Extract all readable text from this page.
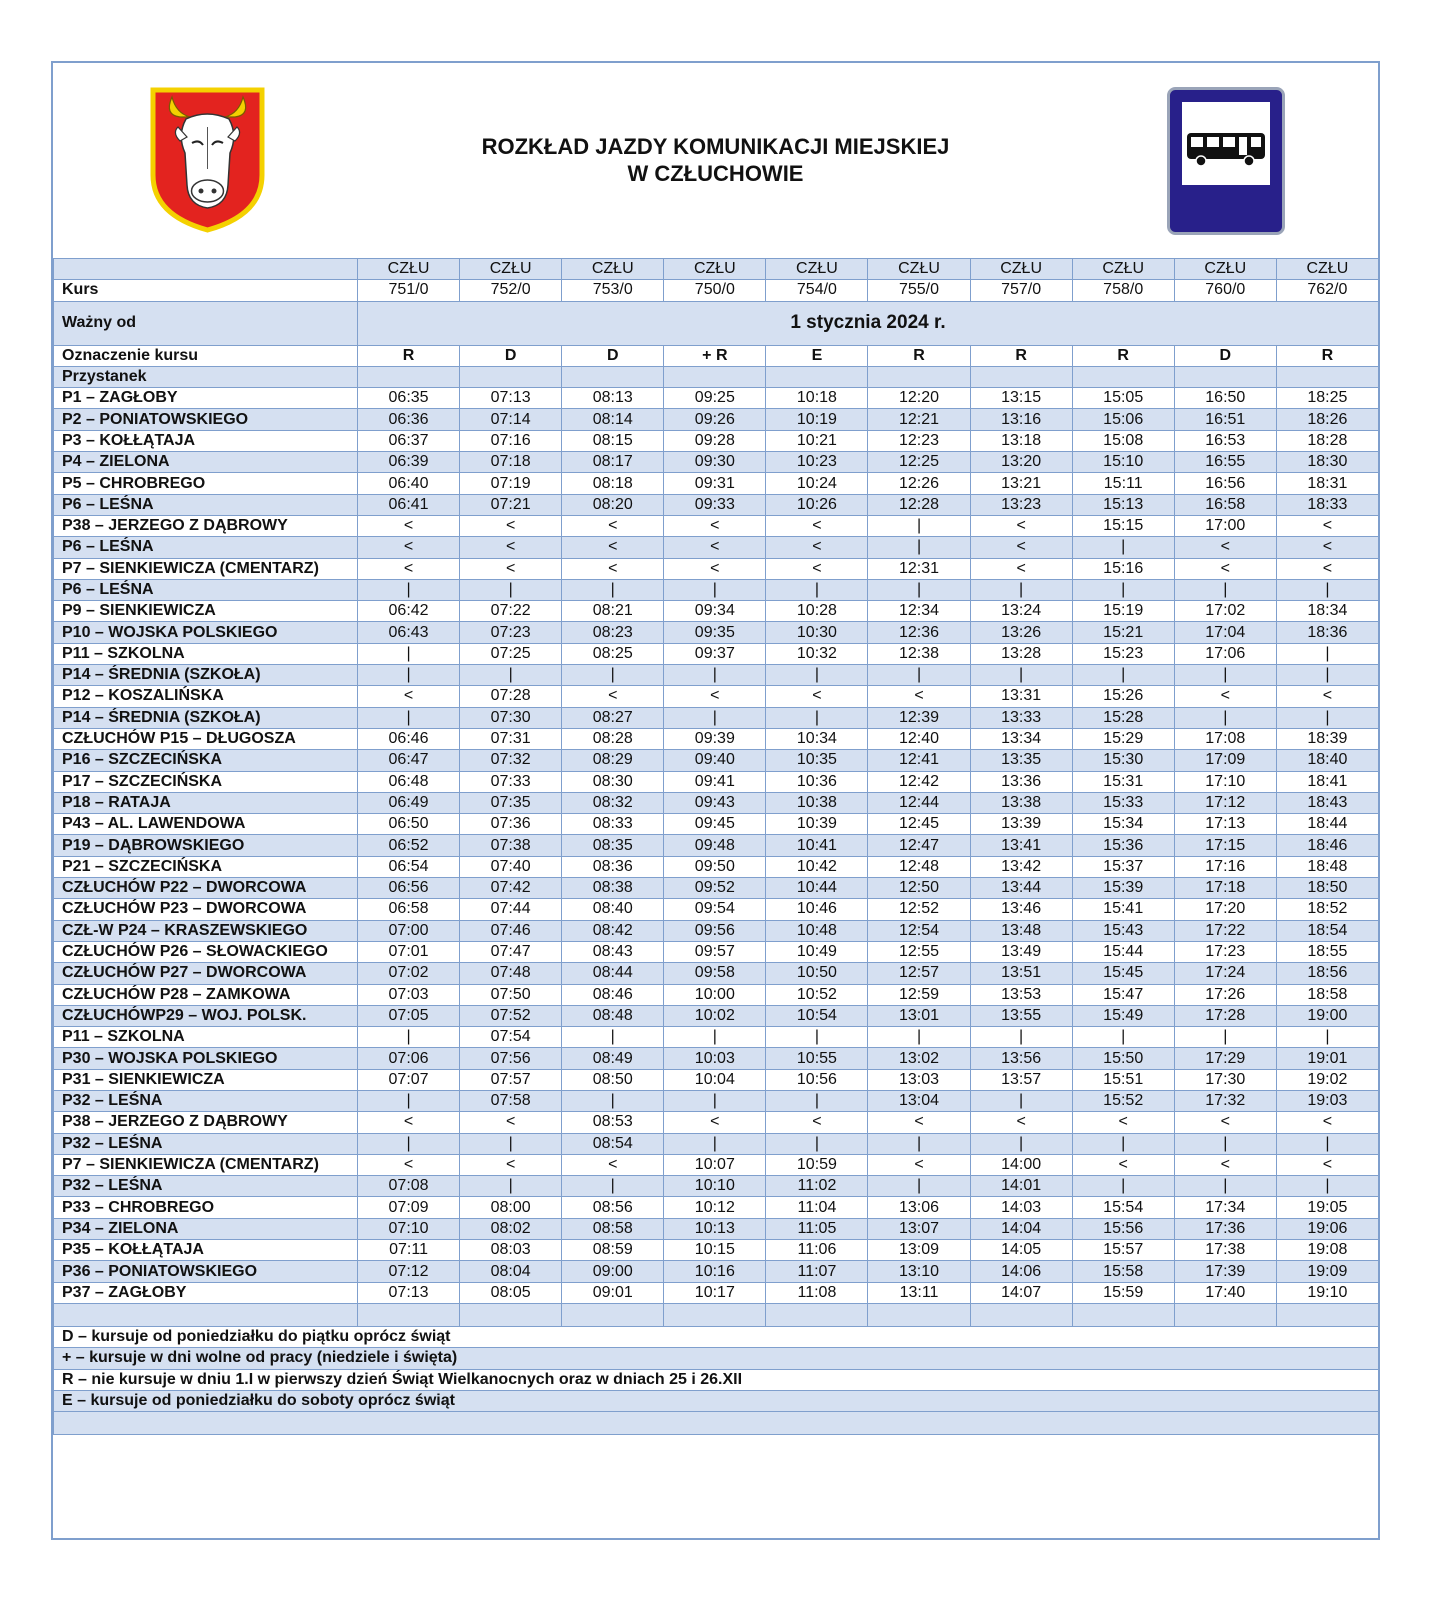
ROZKŁAD JAZDY KOMUNIKACJI MIEJSKIEJ
W CZŁUCHOWIE
	CZŁU	CZŁU	CZŁU	CZŁU	CZŁU	CZŁU	CZŁU	CZŁU	CZŁU	CZŁU
Kurs	751/0	752/0	753/0	750/0	754/0	755/0	757/0	758/0	760/0	762/0
Ważny od	1 stycznia 2024 r.									
Oznaczenie kursu	R	D	D	+ R	E	R	R	R	D	R
Przystanek										
P1 – ZAGŁOBY	06:35	07:13	08:13	09:25	10:18	12:20	13:15	15:05	16:50	18:25
P2 – PONIATOWSKIEGO	06:36	07:14	08:14	09:26	10:19	12:21	13:16	15:06	16:51	18:26
P3 – KOŁŁĄTAJA	06:37	07:16	08:15	09:28	10:21	12:23	13:18	15:08	16:53	18:28
P4 – ZIELONA	06:39	07:18	08:17	09:30	10:23	12:25	13:20	15:10	16:55	18:30
P5 – CHROBREGO	06:40	07:19	08:18	09:31	10:24	12:26	13:21	15:11	16:56	18:31
P6 – LEŚNA	06:41	07:21	08:20	09:33	10:26	12:28	13:23	15:13	16:58	18:33
P38 – JERZEGO Z DĄBROWY	<	<	<	<	<	|	<	15:15	17:00	<
P6 – LEŚNA	<	<	<	<	<	|	<	|	<	<
P7 – SIENKIEWICZA (CMENTARZ)	<	<	<	<	<	12:31	<	15:16	<	<
P6 – LEŚNA	|	|	|	|	|	|	|	|	|	|
P9 – SIENKIEWICZA	06:42	07:22	08:21	09:34	10:28	12:34	13:24	15:19	17:02	18:34
P10 – WOJSKA POLSKIEGO	06:43	07:23	08:23	09:35	10:30	12:36	13:26	15:21	17:04	18:36
P11 – SZKOLNA	|	07:25	08:25	09:37	10:32	12:38	13:28	15:23	17:06	|
P14 – ŚREDNIA (SZKOŁA)	|	|	|	|	|	|	|	|	|	|
P12 – KOSZALIŃSKA	<	07:28	<	<	<	<	13:31	15:26	<	<
P14 – ŚREDNIA (SZKOŁA)	|	07:30	08:27	|	|	12:39	13:33	15:28	|	|
CZŁUCHÓW P15 – DŁUGOSZA	06:46	07:31	08:28	09:39	10:34	12:40	13:34	15:29	17:08	18:39
P16 – SZCZECIŃSKA	06:47	07:32	08:29	09:40	10:35	12:41	13:35	15:30	17:09	18:40
P17 – SZCZECIŃSKA	06:48	07:33	08:30	09:41	10:36	12:42	13:36	15:31	17:10	18:41
P18 – RATAJA	06:49	07:35	08:32	09:43	10:38	12:44	13:38	15:33	17:12	18:43
P43 – AL. LAWENDOWA	06:50	07:36	08:33	09:45	10:39	12:45	13:39	15:34	17:13	18:44
P19 – DĄBROWSKIEGO	06:52	07:38	08:35	09:48	10:41	12:47	13:41	15:36	17:15	18:46
P21 – SZCZECIŃSKA	06:54	07:40	08:36	09:50	10:42	12:48	13:42	15:37	17:16	18:48
CZŁUCHÓW P22 – DWORCOWA	06:56	07:42	08:38	09:52	10:44	12:50	13:44	15:39	17:18	18:50
CZŁUCHÓW P23 – DWORCOWA	06:58	07:44	08:40	09:54	10:46	12:52	13:46	15:41	17:20	18:52
CZŁ-W P24 – KRASZEWSKIEGO	07:00	07:46	08:42	09:56	10:48	12:54	13:48	15:43	17:22	18:54
CZŁUCHÓW P26 – SŁOWACKIEGO	07:01	07:47	08:43	09:57	10:49	12:55	13:49	15:44	17:23	18:55
CZŁUCHÓW P27 – DWORCOWA	07:02	07:48	08:44	09:58	10:50	12:57	13:51	15:45	17:24	18:56
CZŁUCHÓW P28 – ZAMKOWA	07:03	07:50	08:46	10:00	10:52	12:59	13:53	15:47	17:26	18:58
CZŁUCHÓWP29 – WOJ. POLSK.	07:05	07:52	08:48	10:02	10:54	13:01	13:55	15:49	17:28	19:00
P11 – SZKOLNA	|	07:54	|	|	|	|	|	|	|	|
P30 – WOJSKA POLSKIEGO	07:06	07:56	08:49	10:03	10:55	13:02	13:56	15:50	17:29	19:01
P31 – SIENKIEWICZA	07:07	07:57	08:50	10:04	10:56	13:03	13:57	15:51	17:30	19:02
P32 – LEŚNA	|	07:58	|	|	|	13:04	|	15:52	17:32	19:03
P38 – JERZEGO Z DĄBROWY	<	<	08:53	<	<	<	<	<	<	<
P32 – LEŚNA	|	|	08:54	|	|	|	|	|	|	|
P7 – SIENKIEWICZA (CMENTARZ)	<	<	<	10:07	10:59	<	14:00	<	<	<
P32 – LEŚNA	07:08	|	|	10:10	11:02	|	14:01	|	|	|
P33 – CHROBREGO	07:09	08:00	08:56	10:12	11:04	13:06	14:03	15:54	17:34	19:05
P34 – ZIELONA	07:10	08:02	08:58	10:13	11:05	13:07	14:04	15:56	17:36	19:06
P35 – KOŁŁĄTAJA	07:11	08:03	08:59	10:15	11:06	13:09	14:05	15:57	17:38	19:08
P36 – PONIATOWSKIEGO	07:12	08:04	09:00	10:16	11:07	13:10	14:06	15:58	17:39	19:09
P37 – ZAGŁOBY	07:13	08:05	09:01	10:17	11:08	13:11	14:07	15:59	17:40	19:10

D – kursuje od poniedziałku do piątku oprócz świąt										
+ – kursuje w dni wolne od pracy (niedziele i święta)										
R – nie kursuje w dniu 1.I w pierwszy dzień Świąt Wielkanocnych oraz w dniach 25 i 26.XII										
E – kursuje od poniedziałku do soboty oprócz świąt										
